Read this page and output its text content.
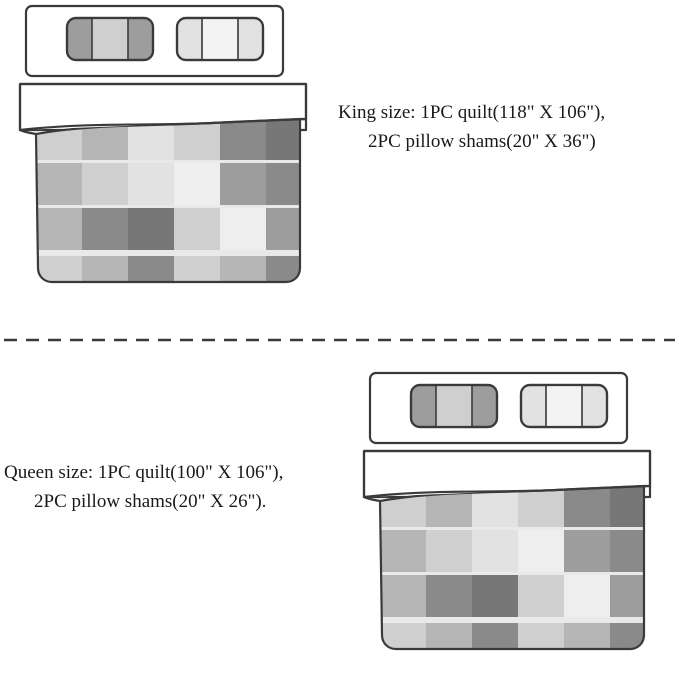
King size: 1PC quilt(118" X 106"),
2PC pillow shams(20" X 36")
Queen size: 1PC quilt(100" X 106"),
2PC pillow shams(20" X 26").
